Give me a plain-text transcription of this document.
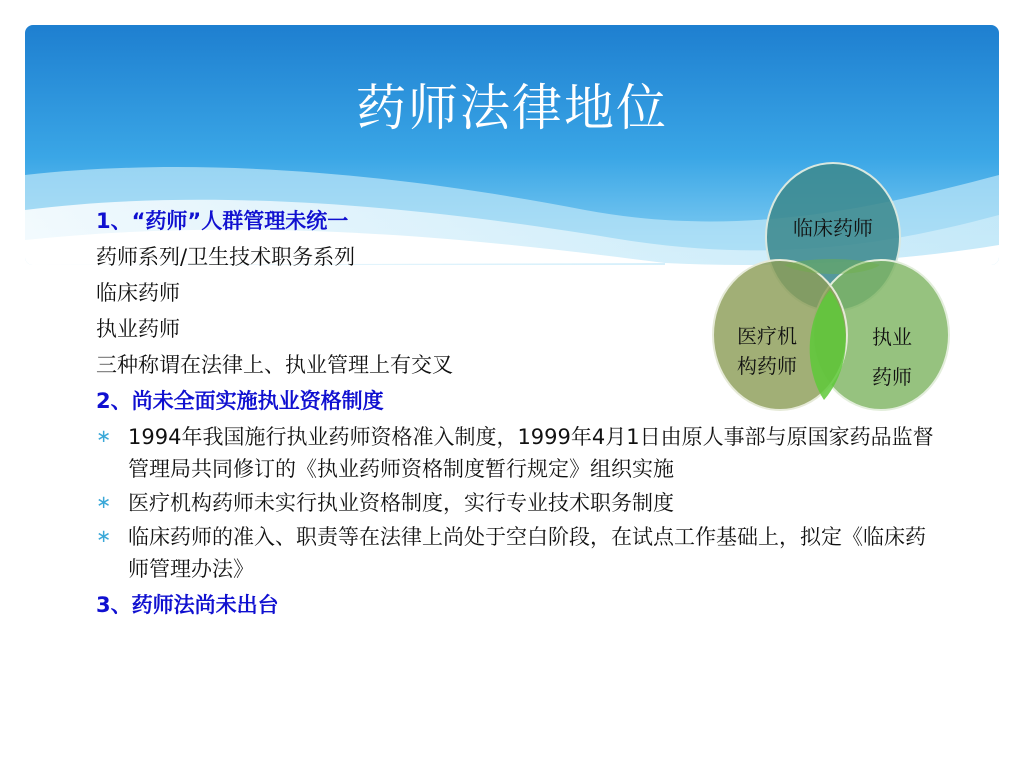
药师法律地位
1、“药师”人群管理未统一
药师系列/卫生技术职务系列
临床药师
执业药师
三种称谓在法律上、执业管理上有交叉
2、尚未全面实施执业资格制度
∗ 1994年我国施行执业药师资格准入制度，1999年4月1日由原人事部与原国家药品监督管理局共同修订的《执业药师资格制度暂行规定》组织实施
∗ 医疗机构药师未实行执业资格制度，实行专业技术职务制度
∗ 临床药师的准入、职责等在法律上尚处于空白阶段，在试点工作基础上，拟定《临床药师管理办法》
3、药师法尚未出台
临床药师
医疗机
构药师
执业
药师
